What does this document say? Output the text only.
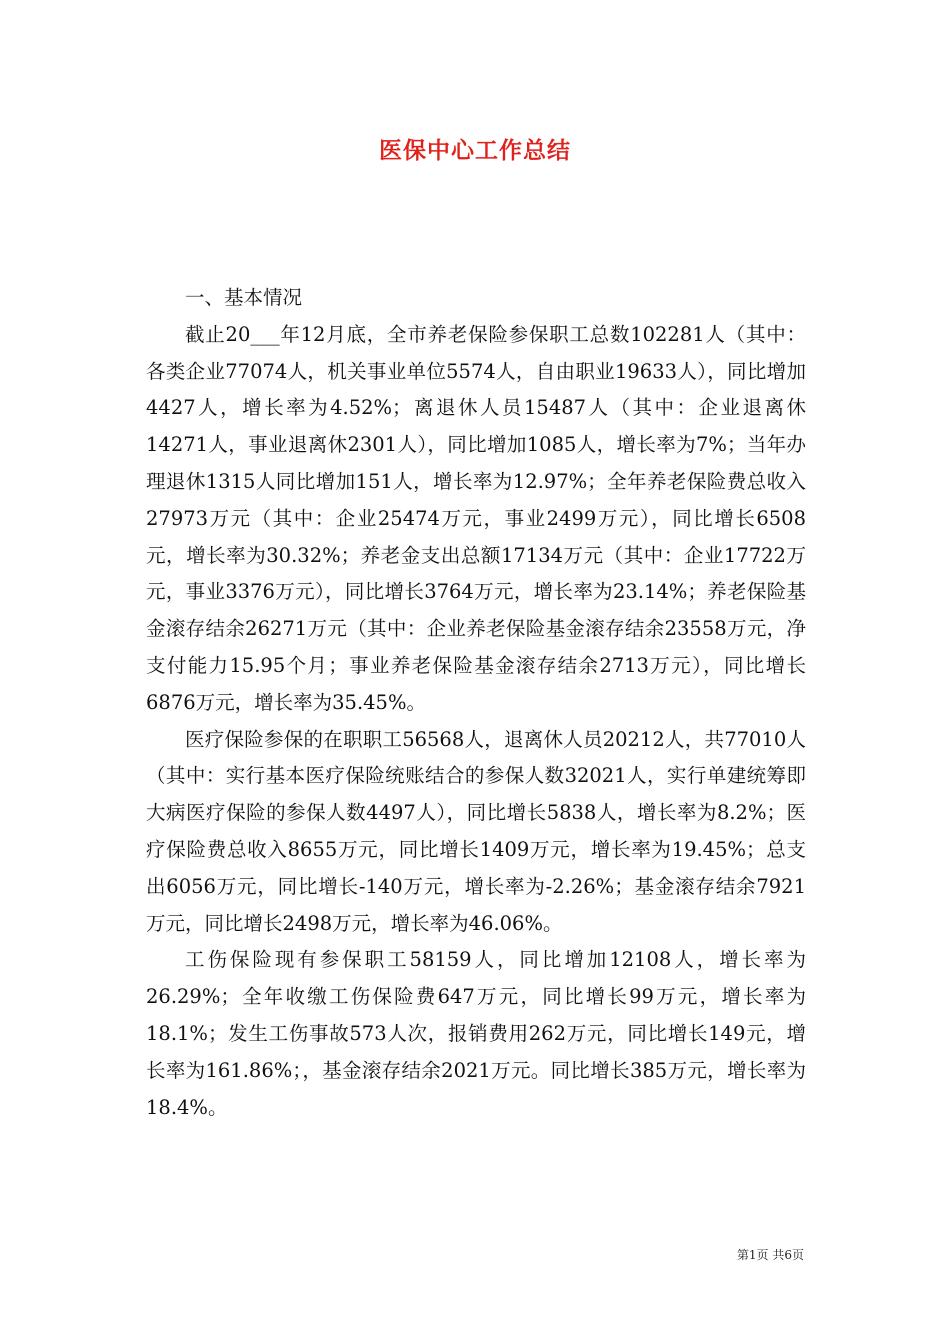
医保中心工作总结

一、基本情况

截止20___年12月底，全市养老保险参保职工总数102281人（其中：各类企业77074人，机关事业单位5574人，自由职业19633人），同比增加4427人，增长率为4.52%；离退休人员15487人（其中：企业退离休14271人，事业退离休2301人），同比增加1085人，增长率为7%；当年办理退休1315人同比增加151人，增长率为12.97%；全年养老保险费总收入27973万元（其中：企业25474万元，事业2499万元），同比增长6508元，增长率为30.32%；养老金支出总额17134万元（其中：企业17722万元，事业3376万元），同比增长3764万元，增长率为23.14%；养老保险基金滚存结余26271万元（其中：企业养老保险基金滚存结余23558万元，净支付能力15.95个月；事业养老保险基金滚存结余2713万元），同比增长6876万元，增长率为35.45%。

医疗保险参保的在职职工56568人，退离休人员20212人，共77010人（其中：实行基本医疗保险统账结合的参保人数32021人，实行单建统筹即大病医疗保险的参保人数4497人），同比增长5838人，增长率为8.2%；医疗保险费总收入8655万元，同比增长1409万元，增长率为19.45%；总支出6056万元，同比增长-140万元，增长率为-2.26%；基金滚存结余7921万元，同比增长2498万元，增长率为46.06%。

工伤保险现有参保职工58159人，同比增加12108人，增长率为26.29%；全年收缴工伤保险费647万元，同比增长99万元，增长率为18.1%；发生工伤事故573人次，报销费用262万元，同比增长149元，增长率为161.86%；，基金滚存结余2021万元。同比增长385万元，增长率为18.4%。

第1页 共6页
